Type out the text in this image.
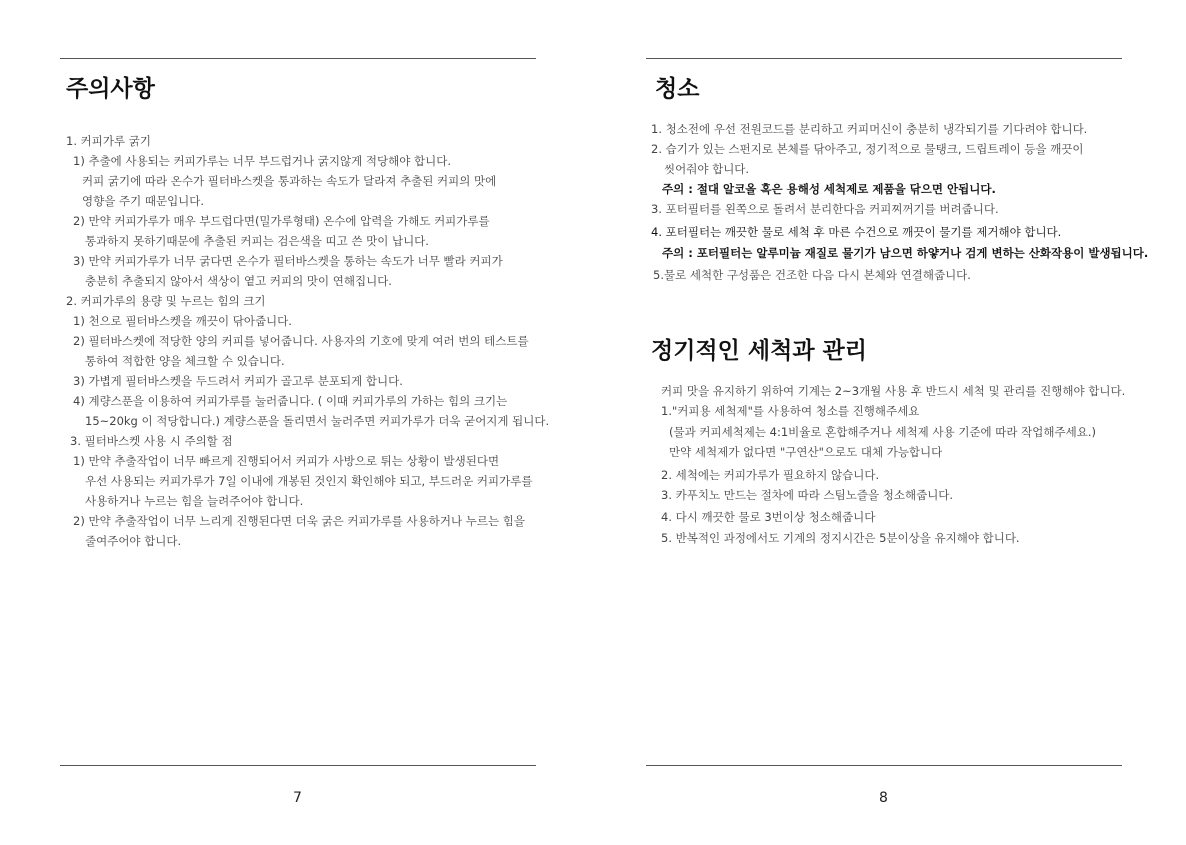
주의사항
1. 커피가루 굵기
1) 추출에 사용되는 커피가루는 너무 부드럽거나 굵지않게 적당해야 합니다.
커피 굵기에 따라 온수가 필터바스켓을 통과하는 속도가 달라져 추출된 커피의 맛에
영향을 주기 때문입니다.
2) 만약 커피가루가 매우 부드럽다면(밀가루형태) 온수에 압력을 가해도 커피가루를
통과하지 못하기때문에 추출된 커피는 검은색을 띠고 쓴 맛이 납니다.
3) 만약 커피가루가 너무 굵다면 온수가 필터바스켓을 통하는 속도가 너무 빨라 커피가
충분히 추출되지 않아서 색상이 옅고 커피의 맛이 연해집니다.
2. 커피가루의 용량 및 누르는 힘의 크기
1) 천으로 필터바스켓을 깨끗이 닦아줍니다.
2) 필터바스켓에 적당한 양의 커피를 넣어줍니다. 사용자의 기호에 맞게 여러 번의 테스트를
통하여 적합한 양을 체크할 수 있습니다.
3) 가볍게 필터바스켓을 두드려서 커피가 골고루 분포되게 합니다.
4) 계량스푼을 이용하여 커피가루를 눌러줍니다. ( 이때 커피가루의 가하는 힘의 크기는
15~20kg 이 적당합니다.) 계량스푼을 돌리면서 눌러주면 커피가루가 더욱 굳어지게 됩니다.
3. 필터바스켓 사용 시 주의할 점
1) 만약 추출작업이 너무 빠르게 진행되어서 커피가 사방으로 튀는 상황이 발생된다면
우선 사용되는 커피가루가 7일 이내에 개봉된 것인지 확인해야 되고, 부드러운 커피가루를
사용하거나 누르는 힘을 늘려주어야 합니다.
2) 만약 추출작업이 너무 느리게 진행된다면 더욱 굵은 커피가루를 사용하거나 누르는 힘을
줄여주어야 합니다.
7
청소
1. 청소전에 우선 전원코드를 분리하고 커피머신이 충분히 냉각되기를 기다려야 합니다.
2. 습기가 있는 스펀지로 본체를 닦아주고, 정기적으로 물탱크, 드립트레이 등을 깨끗이
씻어줘야 합니다.
주의 : 절대 알코올 혹은 용해성 세척제로 제품을 닦으면 안됩니다.
3. 포터필터를 왼쪽으로 돌려서 분리한다음 커피찌꺼기를 버려줍니다.
4. 포터필터는 깨끗한 물로 세척 후 마른 수건으로 깨끗이 물기를 제거해야 합니다.
주의 : 포터필터는 알루미늄 재질로 물기가 남으면 하얗거나 검게 변하는 산화작용이 발생됩니다.
5.물로 세척한 구성품은 건조한 다음 다시 본체와 연결해줍니다.
정기적인 세척과 관리
커피 맛을 유지하기 위하여 기계는 2~3개월 사용 후 반드시 세척 및 관리를 진행해야 합니다.
1."커피용 세척제"를 사용하여 청소를 진행해주세요
(물과 커피세척제는 4:1비율로 혼합해주거나 세척제 사용 기준에 따라 작업해주세요.)
만약 세척제가 없다면 "구연산"으로도 대체 가능합니다
2. 세척에는 커피가루가 필요하지 않습니다.
3. 카푸치노 만드는 절차에 따라 스팀노즐을 청소해줍니다.
4. 다시 깨끗한 물로 3번이상 청소해줍니다
5. 반복적인 과정에서도 기계의 정지시간은 5분이상을 유지해야 합니다.
8
